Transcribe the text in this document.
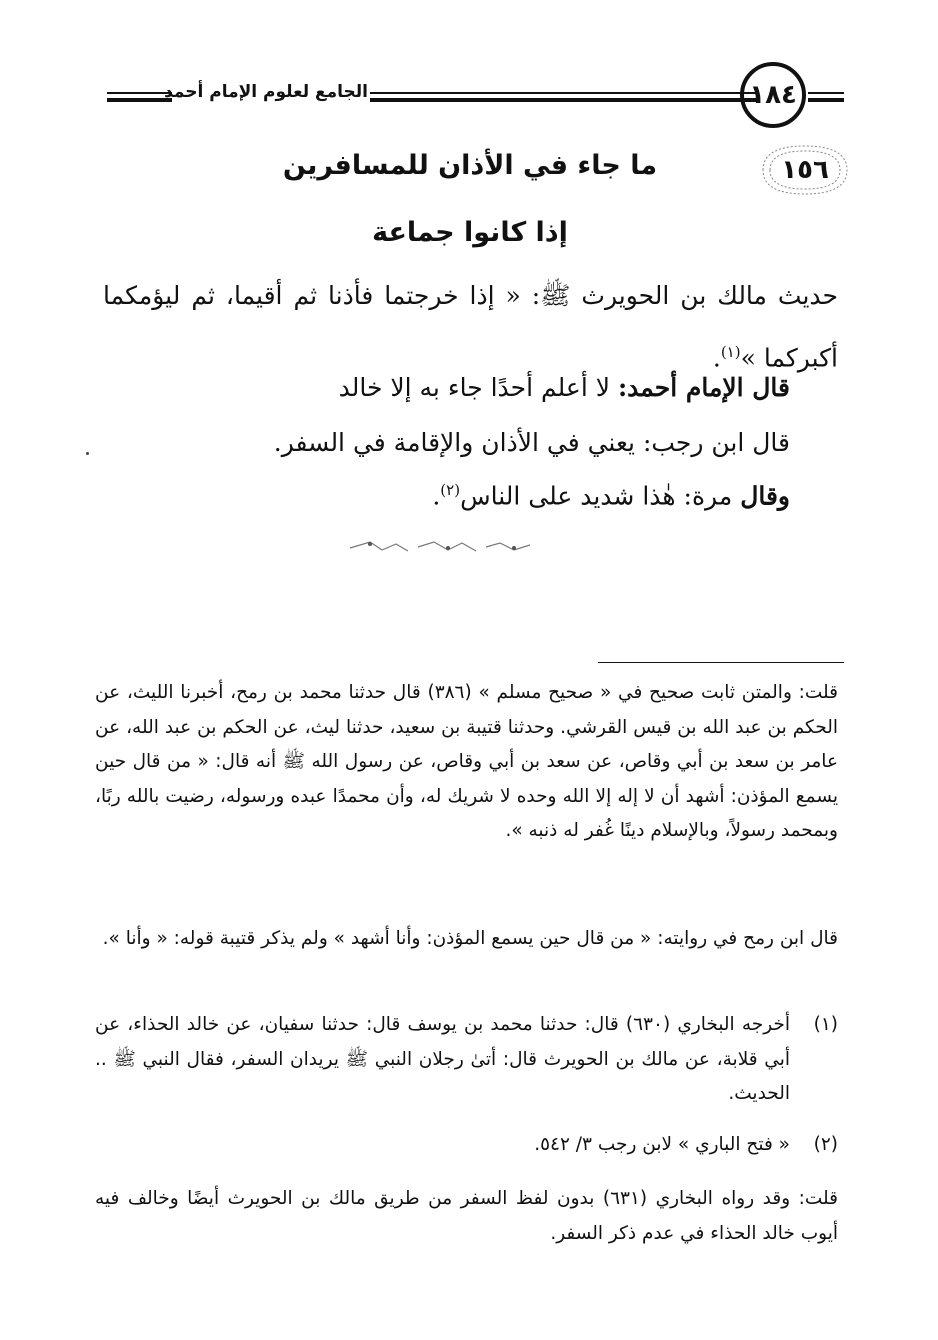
١٨٤
الجامع لعلوم الإمام أحمد
١٥٦
ما جاء في الأذان للمسافرين
إذا كانوا جماعة
حديث مالك بن الحويرث ﷺ: « إذا خرجتما فأذنا ثم أقيما، ثم ليؤمكما أكبركما »$^{(١)}$.
قال الإمام أحمد: لا أعلم أحدًا جاء به إلا خالد
قال ابن رجب: يعني في الأذان والإقامة في السفر.
وقال مرة: هٰذا شديد على الناس$^{(٢)}$.
قلت: والمتن ثابت صحيح في « صحيح مسلم » (٣٨٦) قال حدثنا محمد بن رمح، أخبرنا الليث، عن الحكم بن عبد الله بن قيس القرشي. وحدثنا قتيبة بن سعيد، حدثنا ليث، عن الحكم بن عبد الله، عن عامر بن سعد بن أبي وقاص، عن سعد بن أبي وقاص، عن رسول الله ﷺ أنه قال: « من قال حين يسمع المؤذن: أشهد أن لا إله إلا الله وحده لا شريك له، وأن محمدًا عبده ورسوله، رضيت بالله ربًا، وبمحمد رسولاً، وبالإسلام دينًا غُفر له ذنبه ».
قال ابن رمح في روايته: « من قال حين يسمع المؤذن: وأنا أشهد » ولم يذكر قتيبة قوله: « وأنا ».
(١)
أخرجه البخاري (٦٣٠) قال: حدثنا محمد بن يوسف قال: حدثنا سفيان، عن خالد الحذاء، عن أبي قلابة، عن مالك بن الحويرث قال: أتىٰ رجلان النبي ﷺ يريدان السفر، فقال النبي ﷺ .. الحديث.
(٢)
« فتح الباري » لابن رجب ٣/ ٥٤٢.
قلت: وقد رواه البخاري (٦٣١) بدون لفظ السفر من طريق مالك بن الحويرث أيضًا وخالف فيه أيوب خالد الحذاء في عدم ذكر السفر.
